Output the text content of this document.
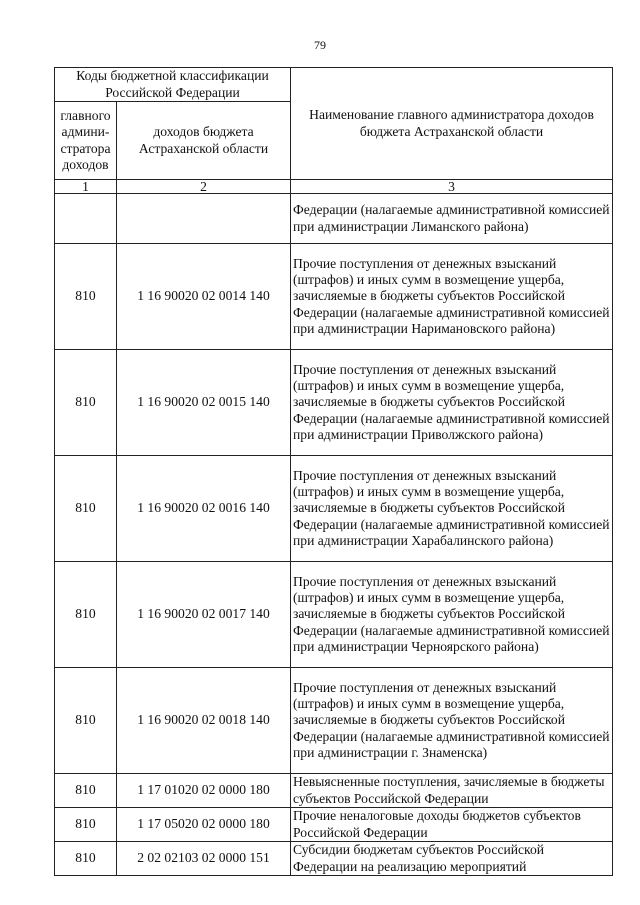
79
Коды бюджетной классификации Российской Федерации		Наименование главного администратора доходов бюджета Астраханской области
главного админи-стратора доходов	доходов бюджета Астраханской области	
1	2	3
		Федерации (налагаемые административной комиссией при администрации Лиманского района)
810	1 16 90020 02 0014 140	Прочие поступления от денежных взысканий (штрафов) и иных сумм в возмещение ущерба, зачисляемые в бюджеты субъектов Российской Федерации (налагаемые административной комиссией при администрации Наримановского района)
810	1 16 90020 02 0015 140	Прочие поступления от денежных взысканий (штрафов) и иных сумм в возмещение ущерба, зачисляемые в бюджеты субъектов Российской Федерации (налагаемые административной комиссией при администрации Приволжского района)
810	1 16 90020 02 0016 140	Прочие поступления от денежных взысканий (штрафов) и иных сумм в возмещение ущерба, зачисляемые в бюджеты субъектов Российской Федерации (налагаемые административной комиссией при администрации Харабалинского района)
810	1 16 90020 02 0017 140	Прочие поступления от денежных взысканий (штрафов) и иных сумм в возмещение ущерба, зачисляемые в бюджеты субъектов Российской Федерации (налагаемые административной комиссией при администрации Черноярского района)
810	1 16 90020 02 0018 140	Прочие поступления от денежных взысканий (штрафов) и иных сумм в возмещение ущерба, зачисляемые в бюджеты субъектов Российской Федерации (налагаемые административной комиссией при администрации г. Знаменска)
810	1 17 01020 02 0000 180	Невыясненные поступления, зачисляемые в бюджеты субъектов Российской Федерации
810	1 17 05020 02 0000 180	Прочие неналоговые доходы бюджетов субъектов Российской Федерации
810	2 02 02103 02 0000 151	Субсидии бюджетам субъектов Российской Федерации на реализацию мероприятий
